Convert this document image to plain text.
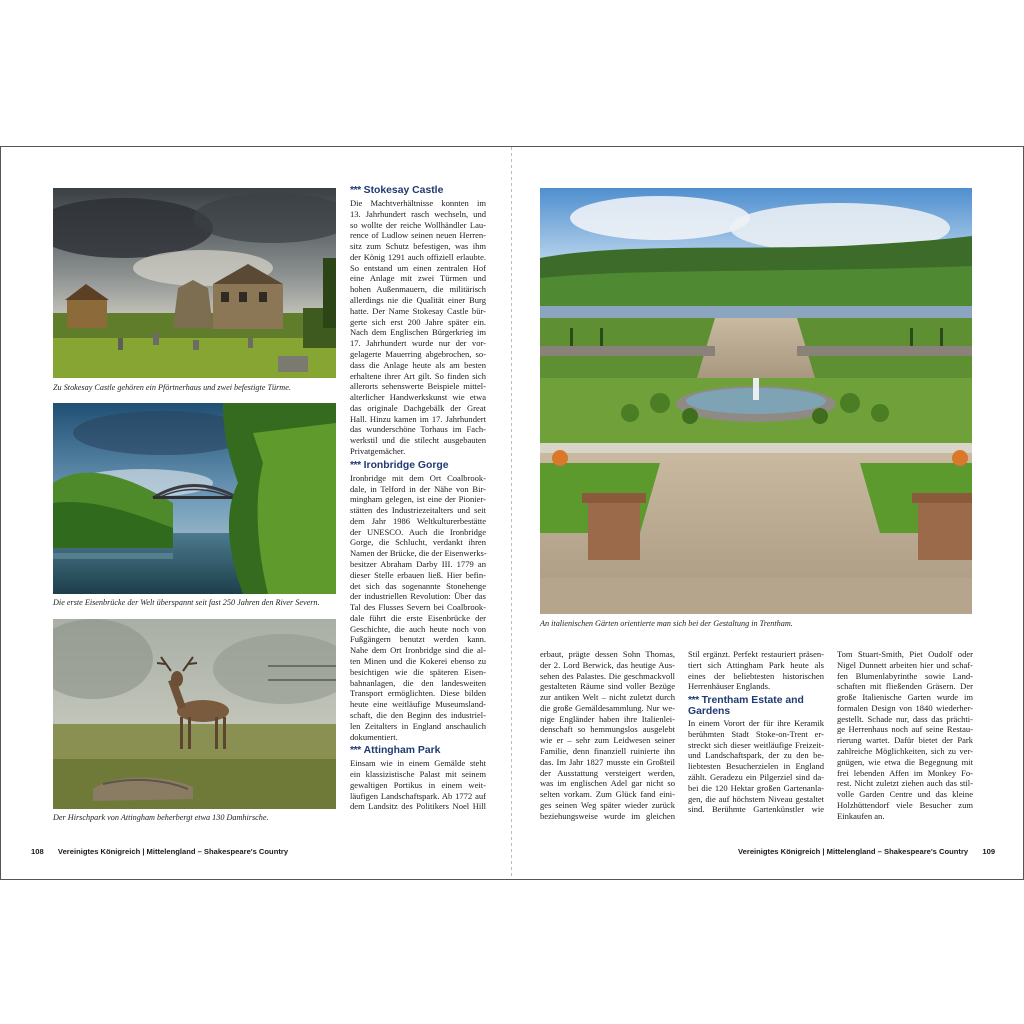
Zu Stokesay Castle gehören ein Pförtnerhaus und zwei befestigte Türme.
Die erste Eisenbrücke der Welt überspannt seit fast 250 Jahren den River Severn.
Der Hirschpark von Attingham beherbergt etwa 130 Damhirsche.
*** Stokesay Castle
Die Machtverhältnisse konnten im
13. Jahrhundert rasch wechseln, und
so wollte der reiche Wollhändler Lau-
rence of Ludlow seinen neuen Herren-
sitz zum Schutz befestigen, was ihm
der König 1291 auch offiziell erlaubte.
So entstand um einen zentralen Hof
eine Anlage mit zwei Türmen und
hohen Außenmauern, die militärisch
allerdings nie die Qualität einer Burg
hatte. Der Name Stokesay Castle bür-
gerte sich erst 200 Jahre später ein.
Nach dem Englischen Bürgerkrieg im
17. Jahrhundert wurde nur der vor-
gelagerte Mauerring abgebrochen, so-
dass die Anlage heute als am besten
erhaltene ihrer Art gilt. So finden sich
allerorts sehenswerte Beispiele mittel-
alterlicher Handwerkskunst wie etwa
das originale Dachgebälk der Great
Hall. Hinzu kamen im 17. Jahrhundert
das wunderschöne Torhaus im Fach-
werkstil und die stilecht ausgebauten
Privatgemächer.
*** Ironbridge Gorge
Ironbridge mit dem Ort Coalbrook-
dale, in Telford in der Nähe von Bir-
mingham gelegen, ist eine der Pionier-
stätten des Industriezeitalters und seit
dem Jahr 1986 Weltkulturerbestätte
der UNESCO. Auch die Ironbridge
Gorge, die Schlucht, verdankt ihren
Namen der Brücke, die der Eisenwerks-
besitzer Abraham Darby III. 1779 an
dieser Stelle erbauen ließ. Hier befin-
det sich das sogenannte Stonehenge
der industriellen Revolution: Über das
Tal des Flusses Severn bei Coalbrook-
dale führt die erste Eisenbrücke der
Geschichte, die auch heute noch von
Fußgängern benutzt werden kann.
Nahe dem Ort Ironbridge sind die al-
ten Minen und die Kokerei ebenso zu
besichtigen wie die späteren Eisen-
bahnanlagen, die den landesweiten
Transport ermöglichten. Diese bilden
heute eine weitläufige Museumsland-
schaft, die den Beginn des industriel-
len Zeitalters in England anschaulich
dokumentiert.
*** Attingham Park
Einsam wie in einem Gemälde steht
ein klassizistische Palast mit seinem
gewaltigen Portikus in einem weit-
läufigen Landschaftspark. Ab 1772 auf
dem Landsitz des Politikers Noel Hill
108 Vereinigtes Königreich | Mittelengland – Shakespeare's Country
An italienischen Gärten orientierte man sich bei der Gestaltung in Trentham.
erbaut, prägte dessen Sohn Thomas,
der 2. Lord Berwick, das heutige Aus-
sehen des Palastes. Die geschmackvoll
gestalteten Räume sind voller Bezüge
zur antiken Welt – nicht zuletzt durch
die große Gemäldesammlung. Nur we-
nige Engländer haben ihre Italienlei-
denschaft so hemmungslos ausgelebt
wie er – sehr zum Leidwesen seiner
Familie, denn finanziell ruinierte ihn
das. Im Jahr 1827 musste ein Großteil
der Ausstattung versteigert werden,
was im englischen Adel gar nicht so
selten vorkam. Zum Glück fand eini-
ges seinen Weg später wieder zurück
beziehungsweise wurde im gleichen
Stil ergänzt. Perfekt restauriert präsen-
tiert sich Attingham Park heute als
eines der beliebtesten historischen
Herrenhäuser Englands.
*** Trentham Estate and
Gardens
In einem Vorort der für ihre Keramik
berühmten Stadt Stoke-on-Trent er-
streckt sich dieser weitläufige Freizeit-
und Landschaftspark, der zu den be-
liebtesten Besucherzielen in England
zählt. Geradezu ein Pilgerziel sind da-
bei die 120 Hektar großen Gartenanla-
gen, die auf höchstem Niveau gestaltet
sind. Berühmte Gartenkünstler wie
Tom Stuart-Smith, Piet Oudolf oder
Nigel Dunnett arbeiten hier und schaf-
fen Blumenlabyrinthe sowie Land-
schaften mit fließenden Gräsern. Der
große Italienische Garten wurde im
formalen Design von 1840 wiederher-
gestellt. Schade nur, dass das prächti-
ge Herrenhaus noch auf seine Restau-
rierung wartet. Dafür bietet der Park
zahlreiche Möglichkeiten, sich zu ver-
gnügen, wie etwa die Begegnung mit
frei lebenden Affen im Monkey Fo-
rest. Nicht zuletzt ziehen auch das stil-
volle Garden Centre und das kleine
Holzhüttendorf viele Besucher zum
Einkaufen an.
Vereinigtes Königreich | Mittelengland – Shakespeare's Country 109
